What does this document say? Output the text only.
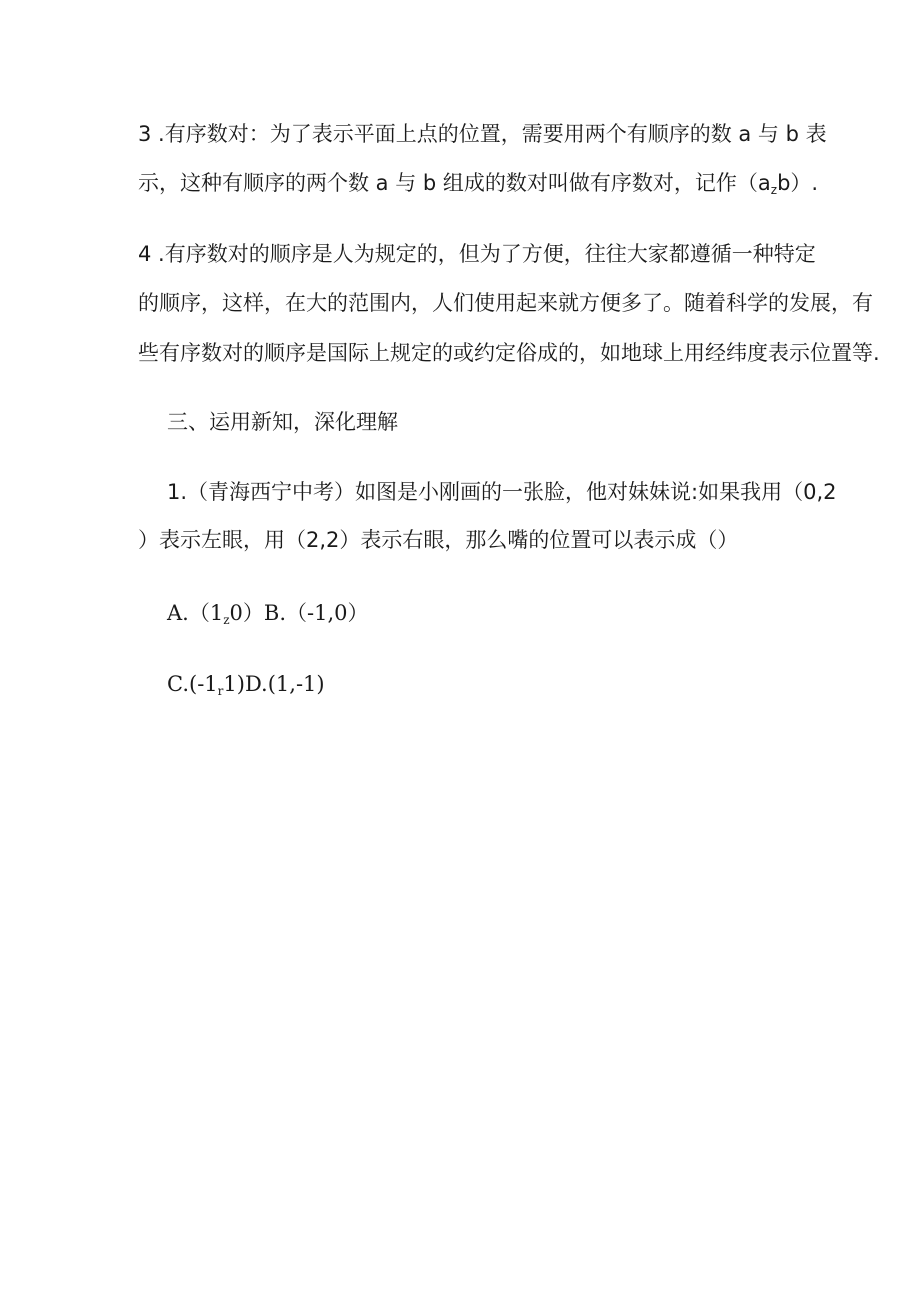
3 .有序数对：为了表示平面上点的位置，需要用两个有顺序的数 a 与 b 表
示，这种有顺序的两个数 a 与 b 组成的数对叫做有序数对，记作$(a_zb)$.
4 .有序数对的顺序是人为规定的，但为了方便，往往大家都遵循一种特定
的顺序，这样，在大的范围内，人们使用起来就方便多了。随着科学的发展，有
些有序数对的顺序是国际上规定的或约定俗成的，如地球上用经纬度表示位置等.
三、运用新知，深化理解
1.（青海西宁中考）如图是小刚画的一张脸，他对妹妹说:如果我用（0,2
）表示左眼，用（2,2）表示右眼，那么嘴的位置可以表示成（）
$A.(1_z0)B.(-1,0)$
$C.(-1_r1)D.(1,-1)$
